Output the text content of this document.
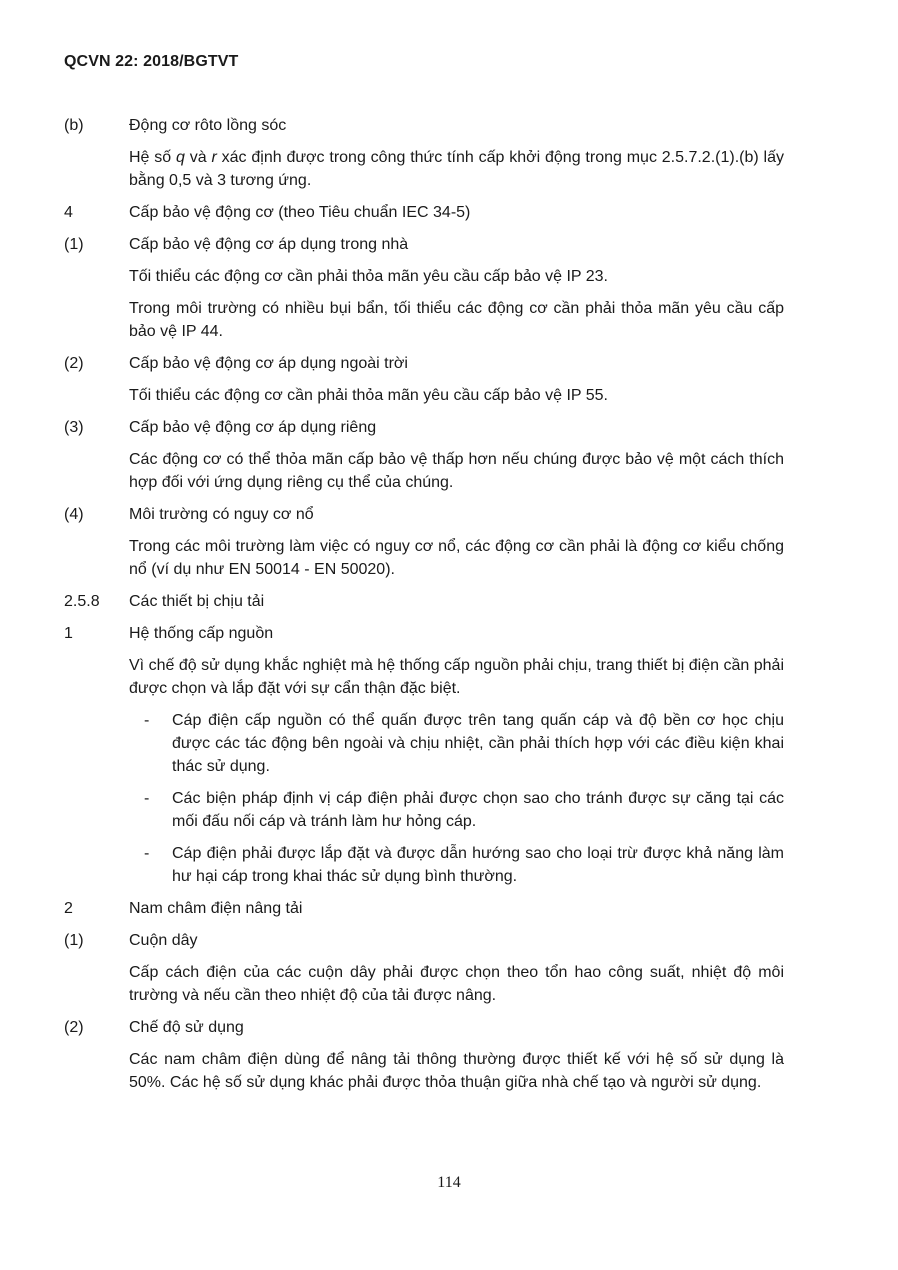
QCVN 22: 2018/BGTVT
(b)	Động cơ rôto lồng sóc
Hệ số q và r xác định được trong công thức tính cấp khởi động trong mục 2.5.7.2.(1).(b) lấy bằng 0,5 và 3 tương ứng.
4	Cấp bảo vệ động cơ (theo Tiêu chuẩn IEC 34-5)
(1)	Cấp bảo vệ động cơ áp dụng trong nhà
Tối thiểu các động cơ cần phải thỏa mãn yêu cầu cấp bảo vệ IP 23.
Trong môi trường có nhiều bụi bẩn, tối thiểu các động cơ cần phải thỏa mãn yêu cầu cấp bảo vệ IP 44.
(2)	Cấp bảo vệ động cơ áp dụng ngoài trời
Tối thiểu các động cơ cần phải thỏa mãn yêu cầu cấp bảo vệ IP 55.
(3)	Cấp bảo vệ động cơ áp dụng riêng
Các động cơ có thể thỏa mãn cấp bảo vệ thấp hơn nếu chúng được bảo vệ một cách thích hợp đối với ứng dụng riêng cụ thể của chúng.
(4)	Môi trường có nguy cơ nổ
Trong các môi trường làm việc có nguy cơ nổ, các động cơ cần phải là động cơ kiểu chống nổ (ví dụ như EN 50014 - EN 50020).
2.5.8	Các thiết bị chịu tải
1	Hệ thống cấp nguồn
Vì chế độ sử dụng khắc nghiệt mà hệ thống cấp nguồn phải chịu, trang thiết bị điện cần phải được chọn và lắp đặt với sự cẩn thận đặc biệt.
-	Cáp điện cấp nguồn có thể quấn được trên tang quấn cáp và độ bền cơ học chịu được các tác động bên ngoài và chịu nhiệt, cần phải thích hợp với các điều kiện khai thác sử dụng.
-	Các biện pháp định vị cáp điện phải được chọn sao cho tránh được sự căng tại các mối đấu nối cáp và tránh làm hư hỏng cáp.
-	Cáp điện phải được lắp đặt và được dẫn hướng sao cho loại trừ được khả năng làm hư hại cáp trong khai thác sử dụng bình thường.
2	Nam châm điện nâng tải
(1)	Cuộn dây
Cấp cách điện của các cuộn dây phải được chọn theo tổn hao công suất, nhiệt độ môi trường và nếu cần theo nhiệt độ của tải được nâng.
(2)	Chế độ sử dụng
Các nam châm điện dùng để nâng tải thông thường được thiết kế với hệ số sử dụng là 50%. Các hệ số sử dụng khác phải được thỏa thuận giữa nhà chế tạo và người sử dụng.
114
